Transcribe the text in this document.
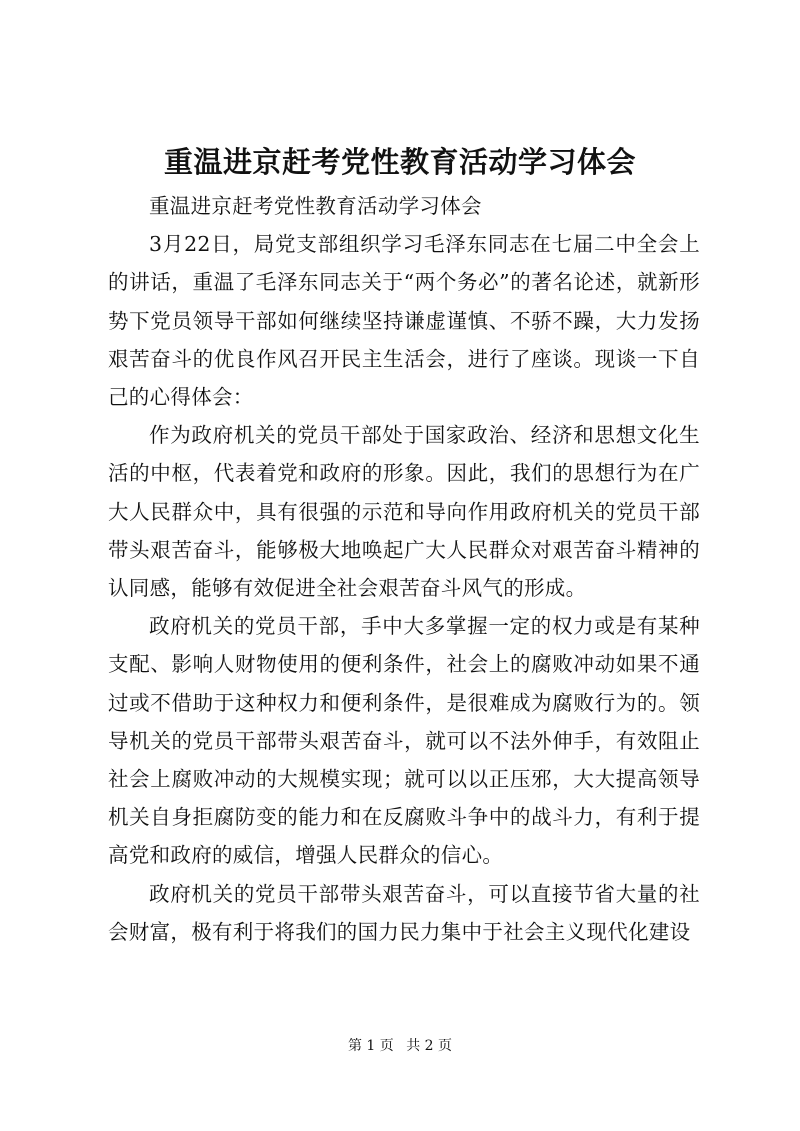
重温进京赶考党性教育活动学习体会

重温进京赶考党性教育活动学习体会

3月22日，局党支部组织学习毛泽东同志在七届二中全会上的讲话，重温了毛泽东同志关于“两个务必”的著名论述，就新形势下党员领导干部如何继续坚持谦虚谨慎、不骄不躁，大力发扬艰苦奋斗的优良作风召开民主生活会，进行了座谈。现谈一下自己的心得体会：

作为政府机关的党员干部处于国家政治、经济和思想文化生活的中枢，代表着党和政府的形象。因此，我们的思想行为在广大人民群众中，具有很强的示范和导向作用政府机关的党员干部带头艰苦奋斗，能够极大地唤起广大人民群众对艰苦奋斗精神的认同感，能够有效促进全社会艰苦奋斗风气的形成。

政府机关的党员干部，手中大多掌握一定的权力或是有某种支配、影响人财物使用的便利条件，社会上的腐败冲动如果不通过或不借助于这种权力和便利条件，是很难成为腐败行为的。领导机关的党员干部带头艰苦奋斗，就可以不法外伸手，有效阻止社会上腐败冲动的大规模实现；就可以以正压邪，大大提高领导机关自身拒腐防变的能力和在反腐败斗争中的战斗力，有利于提高党和政府的威信，增强人民群众的信心。

政府机关的党员干部带头艰苦奋斗，可以直接节省大量的社会财富，极有利于将我们的国力民力集中于社会主义现代化建设

第 1 页 共 2 页
